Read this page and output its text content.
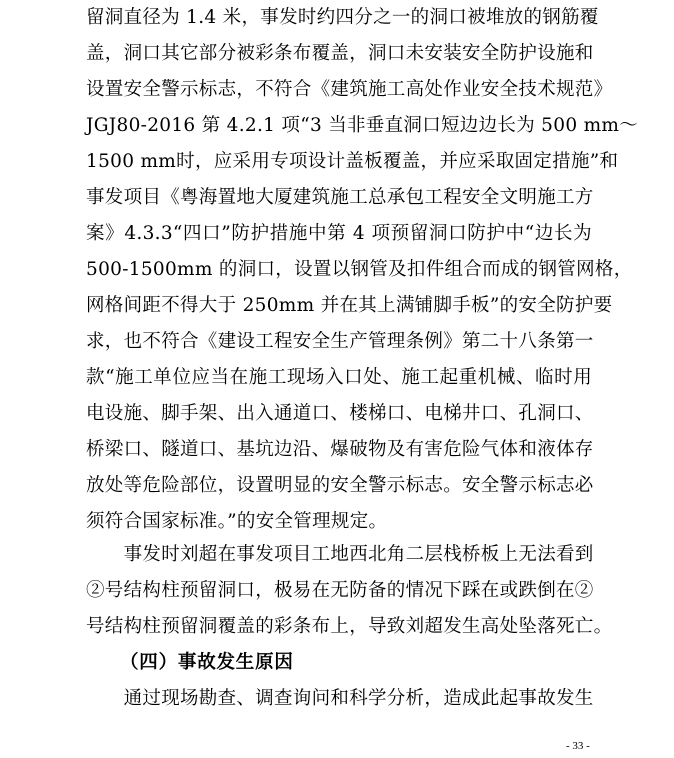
留洞直径为 1.4 米，事发时约四分之一的洞口被堆放的钢筋覆
盖，洞口其它部分被彩条布覆盖，洞口未安装安全防护设施和
设置安全警示标志，不符合《建筑施工高处作业安全技术规范》
JGJ80-2016 第 4.2.1 项“3 当非垂直洞口短边边长为 500 mm～
1500 mm时，应采用专项设计盖板覆盖，并应采取固定措施”和
事发项目《粤海置地大厦建筑施工总承包工程安全文明施工方
案》4.3.3“四口”防护措施中第 4 项预留洞口防护中“边长为
500-1500mm 的洞口，设置以钢管及扣件组合而成的钢管网格，
网格间距不得大于 250mm 并在其上满铺脚手板”的安全防护要
求，也不符合《建设工程安全生产管理条例》第二十八条第一
款“施工单位应当在施工现场入口处、施工起重机械、临时用
电设施、脚手架、出入通道口、楼梯口、电梯井口、孔洞口、
桥梁口、隧道口、基坑边沿、爆破物及有害危险气体和液体存
放处等危险部位，设置明显的安全警示标志。安全警示标志必
须符合国家标准。”的安全管理规定。
　　事发时刘超在事发项目工地西北角二层栈桥板上无法看到
②号结构柱预留洞口，极易在无防备的情况下踩在或跌倒在②
号结构柱预留洞覆盖的彩条布上，导致刘超发生高处坠落死亡。
（四）事故发生原因
　　通过现场勘查、调查询问和科学分析，造成此起事故发生
- 33 -
